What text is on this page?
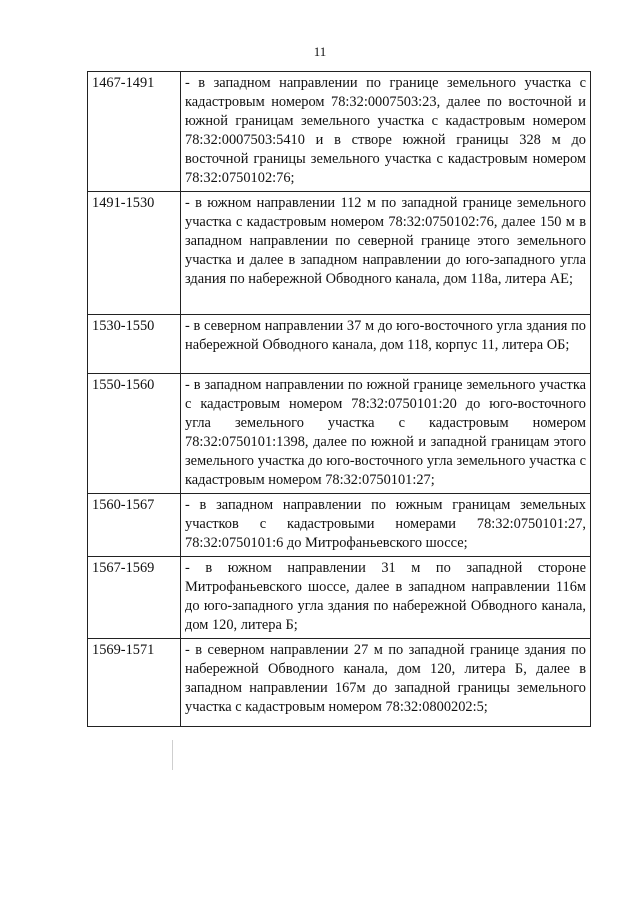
11
1467-1491	- в западном направлении по границе земельного участка с кадастровым номером 78:32:0007503:23, далее по восточной и южной границам земельного участка с кадастровым номером 78:32:0007503:5410 и в створе южной границы 328 м до восточной границы земельного участка с кадастровым номером 78:32:0750102:76;
1491-1530	- в южном направлении 112 м по западной границе земельного участка с кадастровым номером 78:32:0750102:76, далее 150 м в западном направлении по северной границе этого земельного участка и далее в западном направлении до юго-западного угла здания по набережной Обводного канала, дом 118а, литера АЕ;
1530-1550	- в северном направлении 37 м до юго-восточного угла здания по набережной Обводного канала, дом 118, корпус 11, литера ОБ;
1550-1560	- в западном направлении по южной границе земельного участка с кадастровым номером 78:32:0750101:20 до юго-восточного угла земельного участка с кадастровым номером 78:32:0750101:1398, далее по южной и западной границам этого земельного участка до юго-восточного угла земельного участка с кадастровым номером 78:32:0750101:27;
1560-1567	- в западном направлении по южным границам земельных участков с кадастровыми номерами 78:32:0750101:27, 78:32:0750101:6 до Митрофаньевского шоссе;
1567-1569	- в южном направлении 31 м по западной стороне Митрофаньевского шоссе, далее в западном направлении 116м до юго-западного угла здания по набережной Обводного канала, дом 120, литера Б;
1569-1571	- в северном направлении 27 м по западной границе здания по набережной Обводного канала, дом 120, литера Б, далее в западном направлении 167м до западной границы земельного участка с кадастровым номером 78:32:0800202:5;
